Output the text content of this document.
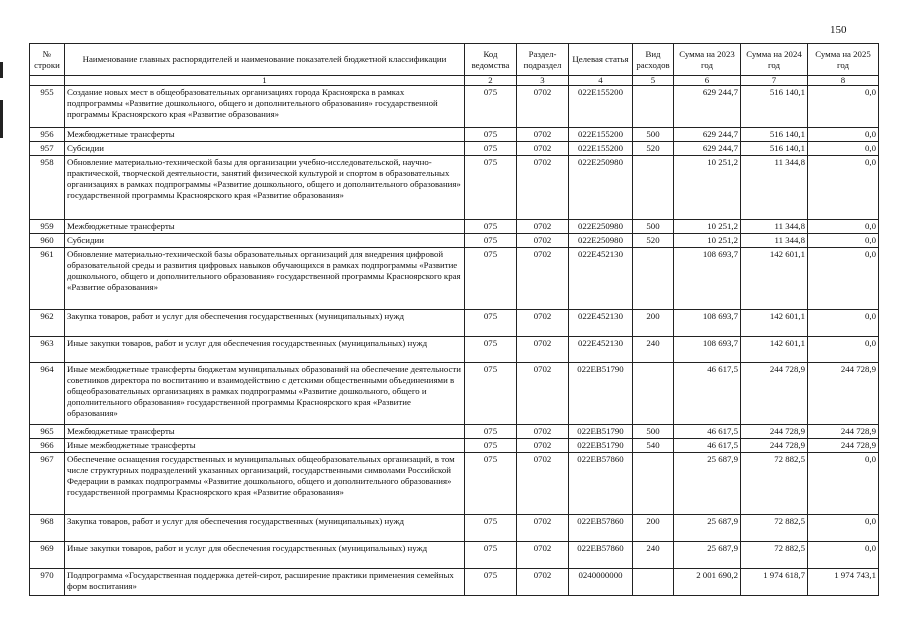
150
№ строки	Наименование главных распорядителей и наименование показателей бюджетной классификации	Код ведомства	Раздел-подраздел	Целевая статья	Вид расходов	Сумма на 2023 год	Сумма на 2024 год	Сумма на 2025 год
	1	2	3	4	5	6	7	8
955	Создание новых мест в общеобразовательных организациях города Красноярска в рамках подпрограммы «Развитие дошкольного, общего и дополнительного образования» государственной программы Красноярского края «Развитие образования»	075	0702	022Е155200		629 244,7	516 140,1	0,0
956	Межбюджетные трансферты	075	0702	022Е155200	500	629 244,7	516 140,1	0,0
957	Субсидии	075	0702	022Е155200	520	629 244,7	516 140,1	0,0
958	Обновление материально-технической базы для организации учебно-исследовательской, научно-практической, творческой деятельности, занятий физической культурой и спортом в образовательных организациях в рамках подпрограммы «Развитие дошкольного, общего и дополнительного образования» государственной программы Красноярского края «Развитие образования»	075	0702	022Е250980		10 251,2	11 344,8	0,0
959	Межбюджетные трансферты	075	0702	022Е250980	500	10 251,2	11 344,8	0,0
960	Субсидии	075	0702	022Е250980	520	10 251,2	11 344,8	0,0
961	Обновление материально-технической базы образовательных организаций для внедрения цифровой образовательной среды и развития цифровых навыков обучающихся в рамках подпрограммы «Развитие дошкольного, общего и дополнительного образования» государственной программы Красноярского края «Развитие образования»	075	0702	022Е452130		108 693,7	142 601,1	0,0
962	Закупка товаров, работ и услуг для обеспечения государственных (муниципальных) нужд	075	0702	022Е452130	200	108 693,7	142 601,1	0,0
963	Иные закупки товаров, работ и услуг для обеспечения государственных (муниципальных) нужд	075	0702	022Е452130	240	108 693,7	142 601,1	0,0
964	Иные межбюджетные трансферты бюджетам муниципальных образований на обеспечение деятельности советников директора по воспитанию и взаимодействию с детскими общественными объединениями в общеобразовательных организациях в рамках подпрограммы «Развитие дошкольного, общего и дополнительного образования» государственной программы Красноярского края «Развитие образования»	075	0702	022ЕВ51790		46 617,5	244 728,9	244 728,9
965	Межбюджетные трансферты	075	0702	022ЕВ51790	500	46 617,5	244 728,9	244 728,9
966	Иные межбюджетные трансферты	075	0702	022ЕВ51790	540	46 617,5	244 728,9	244 728,9
967	Обеспечение оснащения государственных и муниципальных общеобразовательных организаций, в том числе структурных подразделений указанных организаций, государственными символами Российской Федерации в рамках подпрограммы «Развитие дошкольного, общего и дополнительного образования» государственной программы Красноярского края «Развитие образования»	075	0702	022ЕВ57860		25 687,9	72 882,5	0,0
968	Закупка товаров, работ и услуг для обеспечения государственных (муниципальных) нужд	075	0702	022ЕВ57860	200	25 687,9	72 882,5	0,0
969	Иные закупки товаров, работ и услуг для обеспечения государственных (муниципальных) нужд	075	0702	022ЕВ57860	240	25 687,9	72 882,5	0,0
970	Подпрограмма «Государственная поддержка детей-сирот, расширение практики применения семейных форм воспитания»	075	0702	0240000000		2 001 690,2	1 974 618,7	1 974 743,1
